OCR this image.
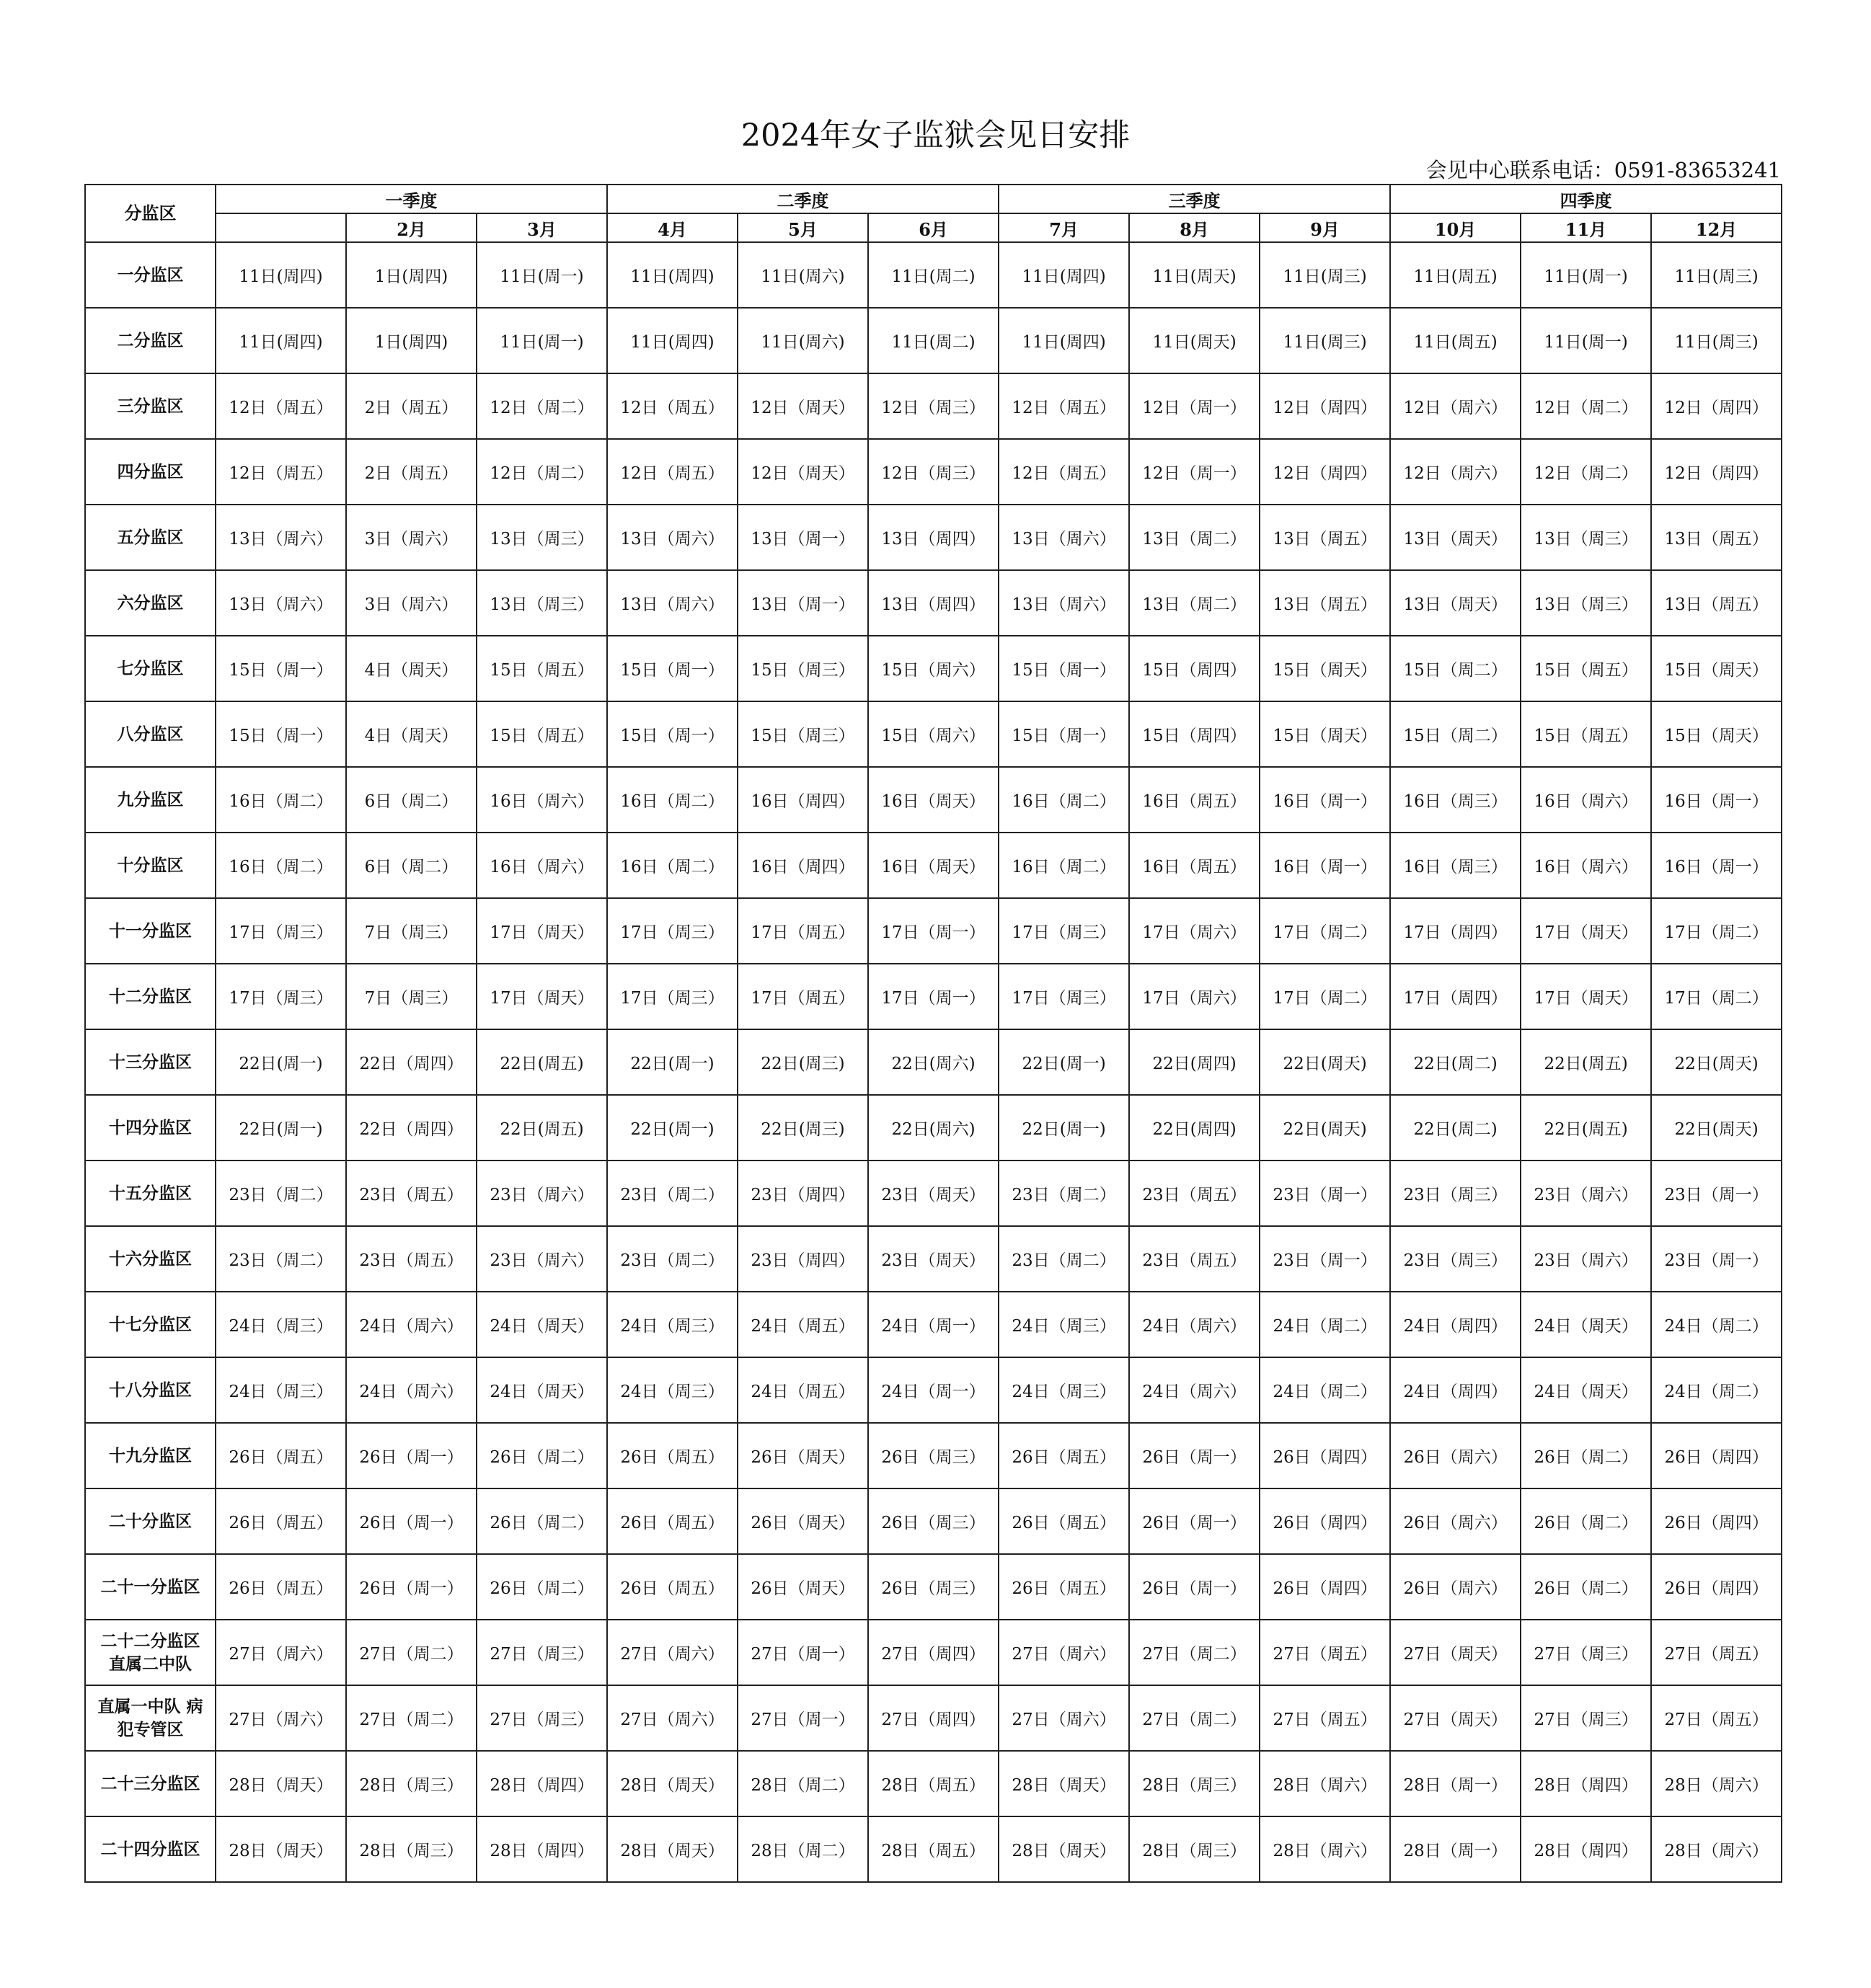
2024年女子监狱会见日安排
会见中心联系电话：0591-83653241
分监区	一季度			二季度			三季度			四季度		
		2月	3月	4月	5月	6月	7月	8月	9月	10月	11月	12月

一分监区	11日(周四)	1日(周四)	11日(周一)	11日(周四)	11日(周六)	11日(周二)	11日(周四)	11日(周天)	11日(周三)	11日(周五)	11日(周一)	11日(周三)

二分监区	11日(周四)	1日(周四)	11日(周一)	11日(周四)	11日(周六)	11日(周二)	11日(周四)	11日(周天)	11日(周三)	11日(周五)	11日(周一)	11日(周三)

三分监区	12日（周五）	2日（周五）	12日（周二）	12日（周五）	12日（周天）	12日（周三）	12日（周五）	12日（周一）	12日（周四）	12日（周六）	12日（周二）	12日（周四）

四分监区	12日（周五）	2日（周五）	12日（周二）	12日（周五）	12日（周天）	12日（周三）	12日（周五）	12日（周一）	12日（周四）	12日（周六）	12日（周二）	12日（周四）

五分监区	13日（周六）	3日（周六）	13日（周三）	13日（周六）	13日（周一）	13日（周四）	13日（周六）	13日（周二）	13日（周五）	13日（周天）	13日（周三）	13日（周五）

六分监区	13日（周六）	3日（周六）	13日（周三）	13日（周六）	13日（周一）	13日（周四）	13日（周六）	13日（周二）	13日（周五）	13日（周天）	13日（周三）	13日（周五）

七分监区	15日（周一）	4日（周天）	15日（周五）	15日（周一）	15日（周三）	15日（周六）	15日（周一）	15日（周四）	15日（周天）	15日（周二）	15日（周五）	15日（周天）

八分监区	15日（周一）	4日（周天）	15日（周五）	15日（周一）	15日（周三）	15日（周六）	15日（周一）	15日（周四）	15日（周天）	15日（周二）	15日（周五）	15日（周天）

九分监区	16日（周二）	6日（周二）	16日（周六）	16日（周二）	16日（周四）	16日（周天）	16日（周二）	16日（周五）	16日（周一）	16日（周三）	16日（周六）	16日（周一）

十分监区	16日（周二）	6日（周二）	16日（周六）	16日（周二）	16日（周四）	16日（周天）	16日（周二）	16日（周五）	16日（周一）	16日（周三）	16日（周六）	16日（周一）

十一分监区	17日（周三）	7日（周三）	17日（周天）	17日（周三）	17日（周五）	17日（周一）	17日（周三）	17日（周六）	17日（周二）	17日（周四）	17日（周天）	17日（周二）

十二分监区	17日（周三）	7日（周三）	17日（周天）	17日（周三）	17日（周五）	17日（周一）	17日（周三）	17日（周六）	17日（周二）	17日（周四）	17日（周天）	17日（周二）

十三分监区	22日(周一)	22日（周四）	22日(周五)	22日(周一)	22日(周三)	22日(周六)	22日(周一)	22日(周四)	22日(周天)	22日(周二)	22日(周五)	22日(周天)

十四分监区	22日(周一)	22日（周四）	22日(周五)	22日(周一)	22日(周三)	22日(周六)	22日(周一)	22日(周四)	22日(周天)	22日(周二)	22日(周五)	22日(周天)

十五分监区	23日（周二）	23日（周五）	23日（周六）	23日（周二）	23日（周四）	23日（周天）	23日（周二）	23日（周五）	23日（周一）	23日（周三）	23日（周六）	23日（周一）

十六分监区	23日（周二）	23日（周五）	23日（周六）	23日（周二）	23日（周四）	23日（周天）	23日（周二）	23日（周五）	23日（周一）	23日（周三）	23日（周六）	23日（周一）

十七分监区	24日（周三）	24日（周六）	24日（周天）	24日（周三）	24日（周五）	24日（周一）	24日（周三）	24日（周六）	24日（周二）	24日（周四）	24日（周天）	24日（周二）

十八分监区	24日（周三）	24日（周六）	24日（周天）	24日（周三）	24日（周五）	24日（周一）	24日（周三）	24日（周六）	24日（周二）	24日（周四）	24日（周天）	24日（周二）

十九分监区	26日（周五）	26日（周一）	26日（周二）	26日（周五）	26日（周天）	26日（周三）	26日（周五）	26日（周一）	26日（周四）	26日（周六）	26日（周二）	26日（周四）

二十分监区	26日（周五）	26日（周一）	26日（周二）	26日（周五）	26日（周天）	26日（周三）	26日（周五）	26日（周一）	26日（周四）	26日（周六）	26日（周二）	26日（周四）

二十一分监区	26日（周五）	26日（周一）	26日（周二）	26日（周五）	26日（周天）	26日（周三）	26日（周五）	26日（周一）	26日（周四）	26日（周六）	26日（周二）	26日（周四）

二十二分监区
直属二中队	27日（周六）	27日（周二）	27日（周三）	27日（周六）	27日（周一）	27日（周四）	27日（周六）	27日（周二）	27日（周五）	27日（周天）	27日（周三）	27日（周五）

直属一中队 病
犯专管区	27日（周六）	27日（周二）	27日（周三）	27日（周六）	27日（周一）	27日（周四）	27日（周六）	27日（周二）	27日（周五）	27日（周天）	27日（周三）	27日（周五）

二十三分监区	28日（周天）	28日（周三）	28日（周四）	28日（周天）	28日（周二）	28日（周五）	28日（周天）	28日（周三）	28日（周六）	28日（周一）	28日（周四）	28日（周六）

二十四分监区	28日（周天）	28日（周三）	28日（周四）	28日（周天）	28日（周二）	28日（周五）	28日（周天）	28日（周三）	28日（周六）	28日（周一）	28日（周四）	28日（周六）
